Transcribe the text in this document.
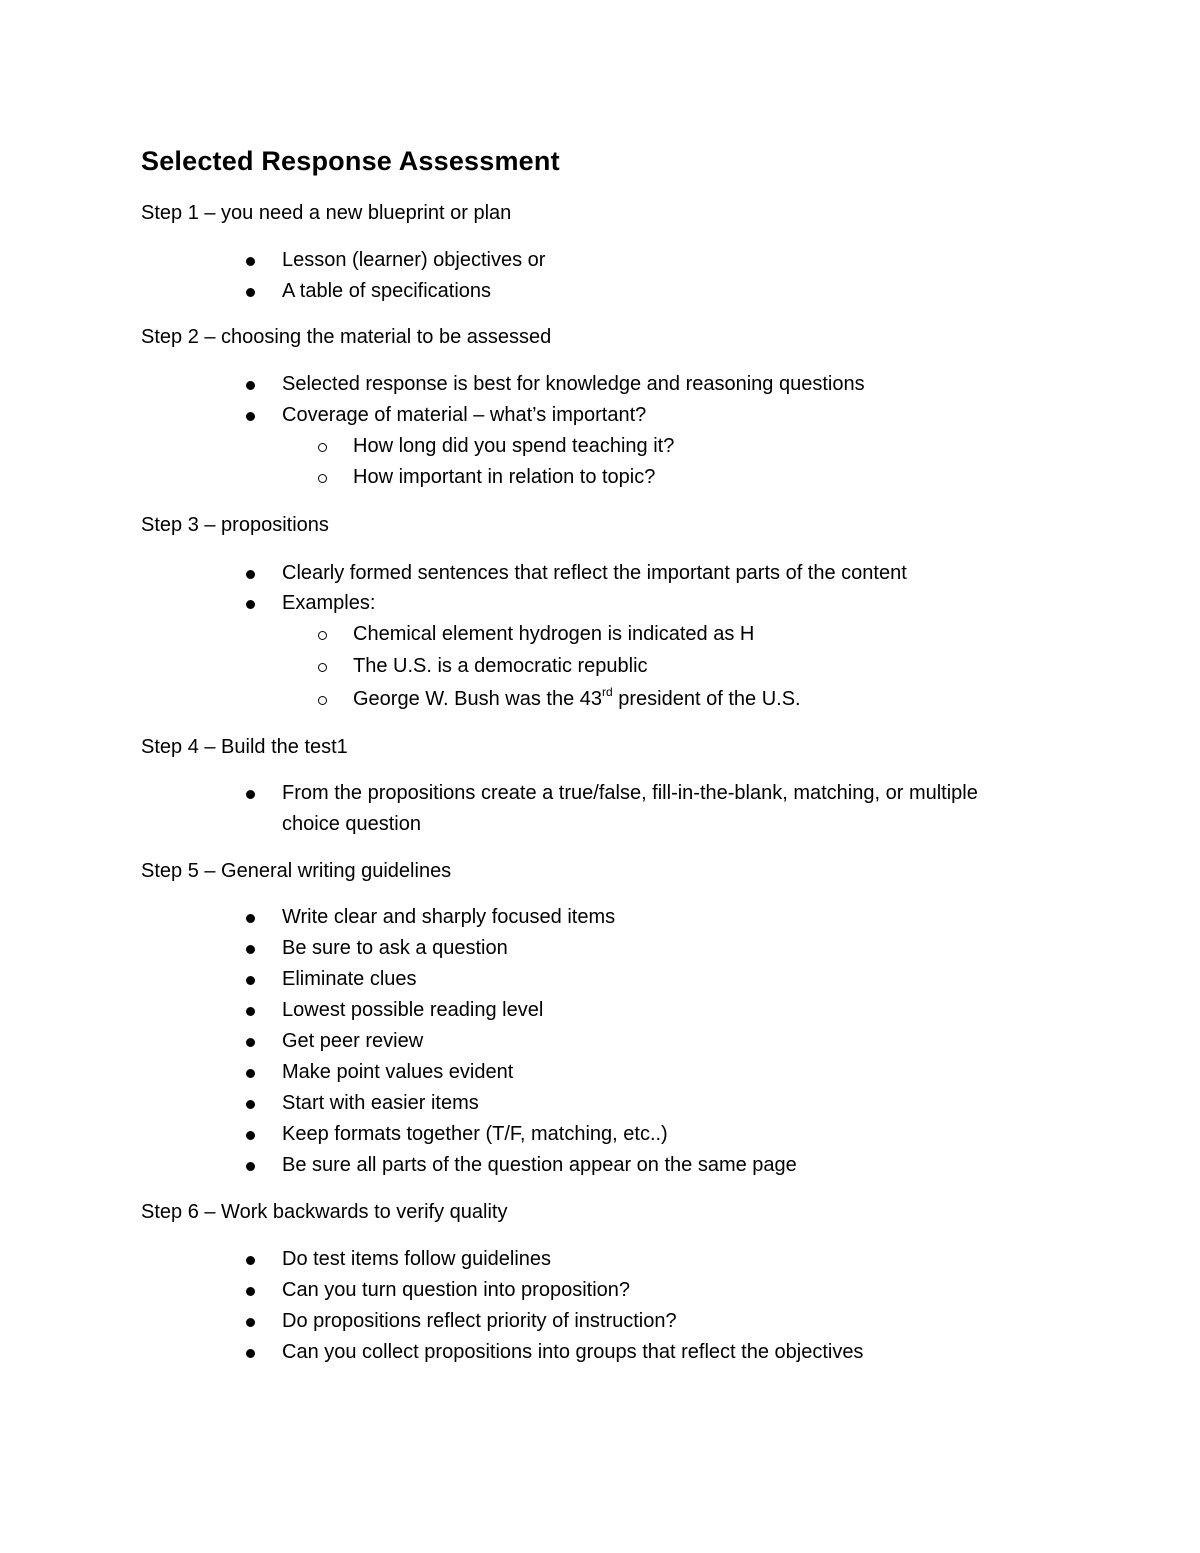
Selected Response Assessment
Step 1 – you need a new blueprint or plan
Lesson (learner) objectives or
A table of specifications
Step 2 – choosing the material to be assessed
Selected response is best for knowledge and reasoning questions
Coverage of material – what’s important?
How long did you spend teaching it?
How important in relation to topic?
Step 3 – propositions
Clearly formed sentences that reflect the important parts of the content
Examples:
Chemical element hydrogen is indicated as H
The U.S. is a democratic republic
George W. Bush was the 43rd president of the U.S.
Step 4 – Build the test1
From the propositions create a true/false, fill-in-the-blank, matching, or multiple
choice question
Step 5 – General writing guidelines
Write clear and sharply focused items
Be sure to ask a question
Eliminate clues
Lowest possible reading level
Get peer review
Make point values evident
Start with easier items
Keep formats together (T/F, matching, etc..)
Be sure all parts of the question appear on the same page
Step 6 – Work backwards to verify quality
Do test items follow guidelines
Can you turn question into proposition?
Do propositions reflect priority of instruction?
Can you collect propositions into groups that reflect the objectives
